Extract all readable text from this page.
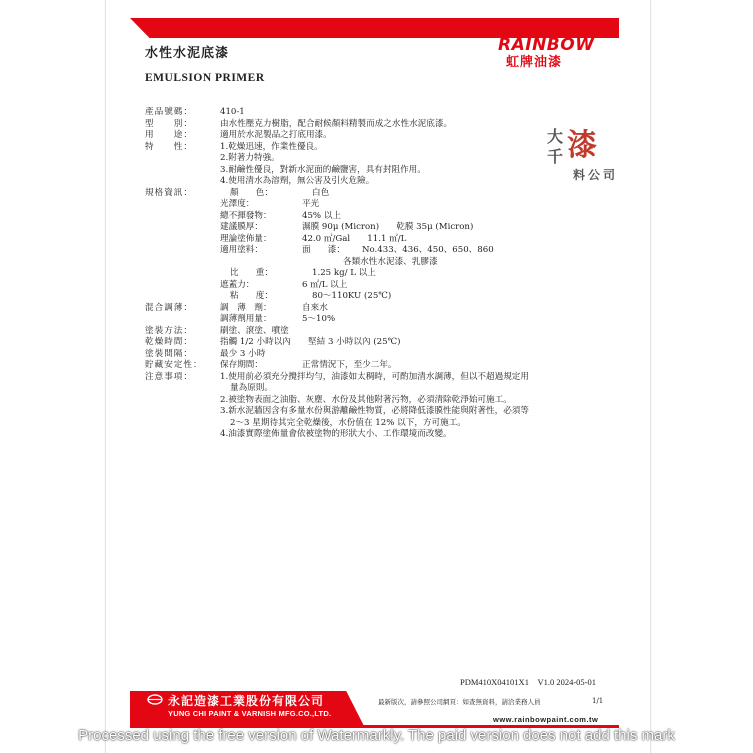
水性水泥底漆
EMULSION PRIMER
RAINBOW
虹牌油漆
大
千 漆
料 公 司
產品號碼：	410-1
型　　別：	由水性壓克力樹脂，配合耐候顏料精製而成之水性水泥底漆。
用　　途：	適用於水泥製品之打底用漆。
特　　性：	1.乾燥迅速，作業性優良。
2.附著力特強。
3.耐鹼性優良，對新水泥面的鹼鹽害，具有封阻作用。
4.使用清水為溶劑，無公害及引火危險。
規格資訊：	顏　　色：	白色
光澤度：	平光
總不揮發物：	45% 以上
建議膜厚：	濕膜 90μ (Micron)　　乾膜 35μ (Micron)
理論塗佈量：	42.0 ㎡/Gal　　11.1 ㎡/L
適用塗料：	面　　漆：	No.433、436、450、650、860
各類水性水泥漆、乳膠漆
比　　重：	1.25 kg/ L 以上
遮蓋力：	6 ㎡/L 以上
粘　　度：	80～110KU (25℃)
混合調薄：	調　薄　劑：	自來水
調薄劑用量：	5～10%
塗裝方法：	刷塗、滾塗、噴塗
乾燥時間：	指觸 1/2 小時以內　　堅結 3 小時以內 (25℃)
塗裝間隔：	最少 3 小時
貯藏安定性：	保存期間：	正常情況下，至少二年。
注意事項：	1.使用前必須充分攪拌均勻，油漆如太稠時，可酌加清水調薄，但以不超過規定用
量為原則。
2.被塗物表面之油脂、灰塵、水份及其他附著污物，必須清除乾淨始可施工。
3.新水泥牆因含有多量水份與游離鹼性物質，必將降低漆膜性能與附著性，必須等
2～3 星期待其完全乾燥後，水份值在 12% 以下，方可施工。
4.油漆實際塗佈量會依被塗物的形狀大小、工作環境而改變。
PDM410X04101X1　V1.0 2024-05-01
永記造漆工業股份有限公司
YUNG CHI PAINT & VARNISH MFG.CO.,LTD.
最新版次，請參照公司網頁：如查無資料，請洽業務人員	1/1
www.rainbowpaint.com.tw
Processed using the free version of Watermarkly. The paid version does not add this mark
